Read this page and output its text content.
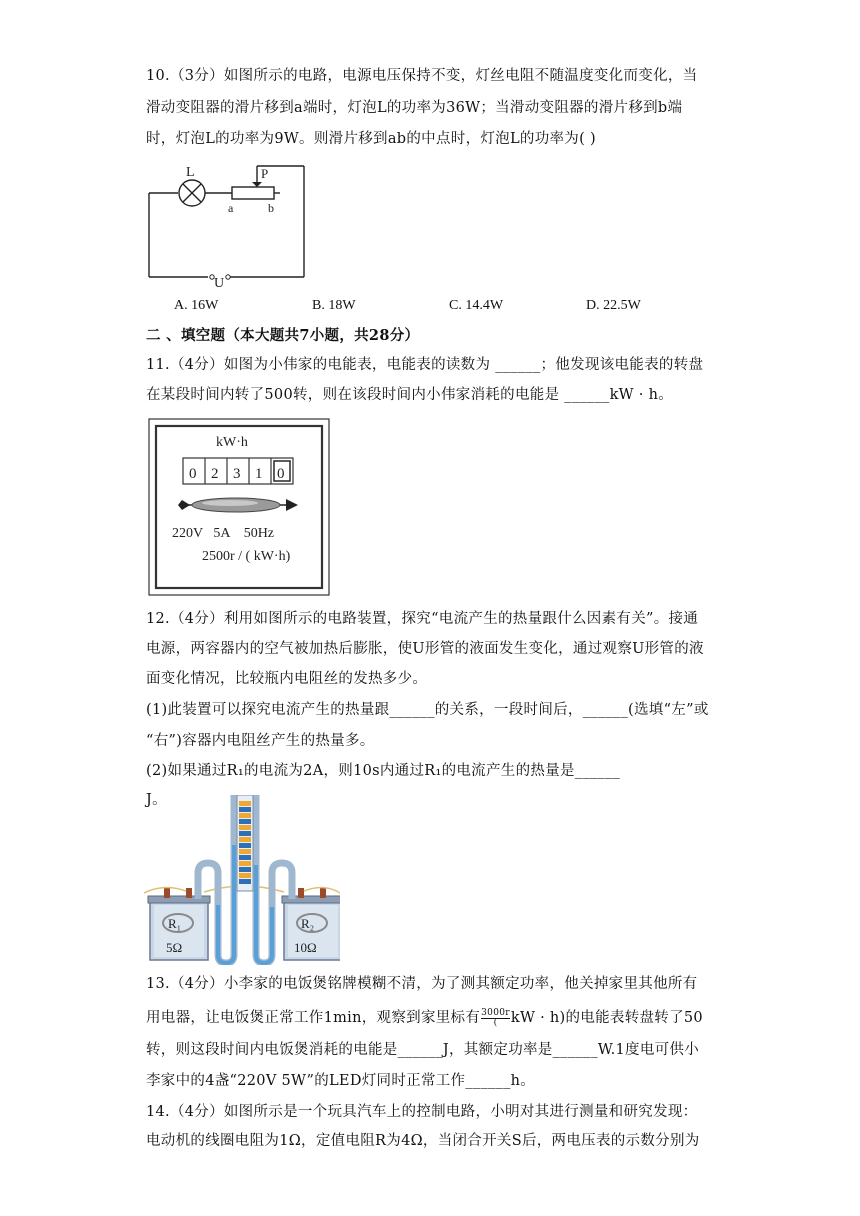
10.（3分）如图所示的电路，电源电压保持不变，灯丝电阻不随温度变化而变化，当
滑动变阻器的滑片移到a端时，灯泡L的功率为36W；当滑动变阻器的滑片移到b端
时，灯泡L的功率为9W。则滑片移到ab的中点时，灯泡L的功率为( )
L	P
a	b
U
A. 16W	B. 18W	C. 14.4W	D. 22.5W
二 、填空题（本大题共7小题，共28分）
11.（4分）如图为小伟家的电能表，电能表的读数为 ______；他发现该电能表的转盘
在某段时间内转了500转，则在该段时间内小伟家消耗的电能是 ______kW · h。
kW·h
0 2 3 1 0
220V   5A    50Hz
2500r / ( kW·h)
12.（4分）利用如图所示的电路装置，探究“电流产生的热量跟什么因素有关”。接通
电源，两容器内的空气被加热后膨胀，使U形管的液面发生变化，通过观察U形管的液
面变化情况，比较瓶内电阻丝的发热多少。
(1)此装置可以探究电流产生的热量跟______的关系，一段时间后，______(选填“左”或
“右”)容器内电阻丝产生的热量多。
(2)如果通过R₁的电流为2A，则10s内通过R₁的电流产生的热量是______
J。
R₁
5Ω
R₂
10Ω
13.（4分）小李家的电饭煲铭牌模糊不清，为了测其额定功率，他关掉家里其他所有
用电器，让电饭煲正常工作1min，观察到家里标有 3000r
( kW · h)的电能表转盘转了50
转，则这段时间内电饭煲消耗的电能是______J，其额定功率是______W.1度电可供小
李家中的4盏“220V 5W”的LED灯同时正常工作______h。
14.（4分）如图所示是一个玩具汽车上的控制电路，小明对其进行测量和研究发现：
电动机的线圈电阻为1Ω，定值电阻R为4Ω，当闭合开关S后，两电压表的示数分别为
